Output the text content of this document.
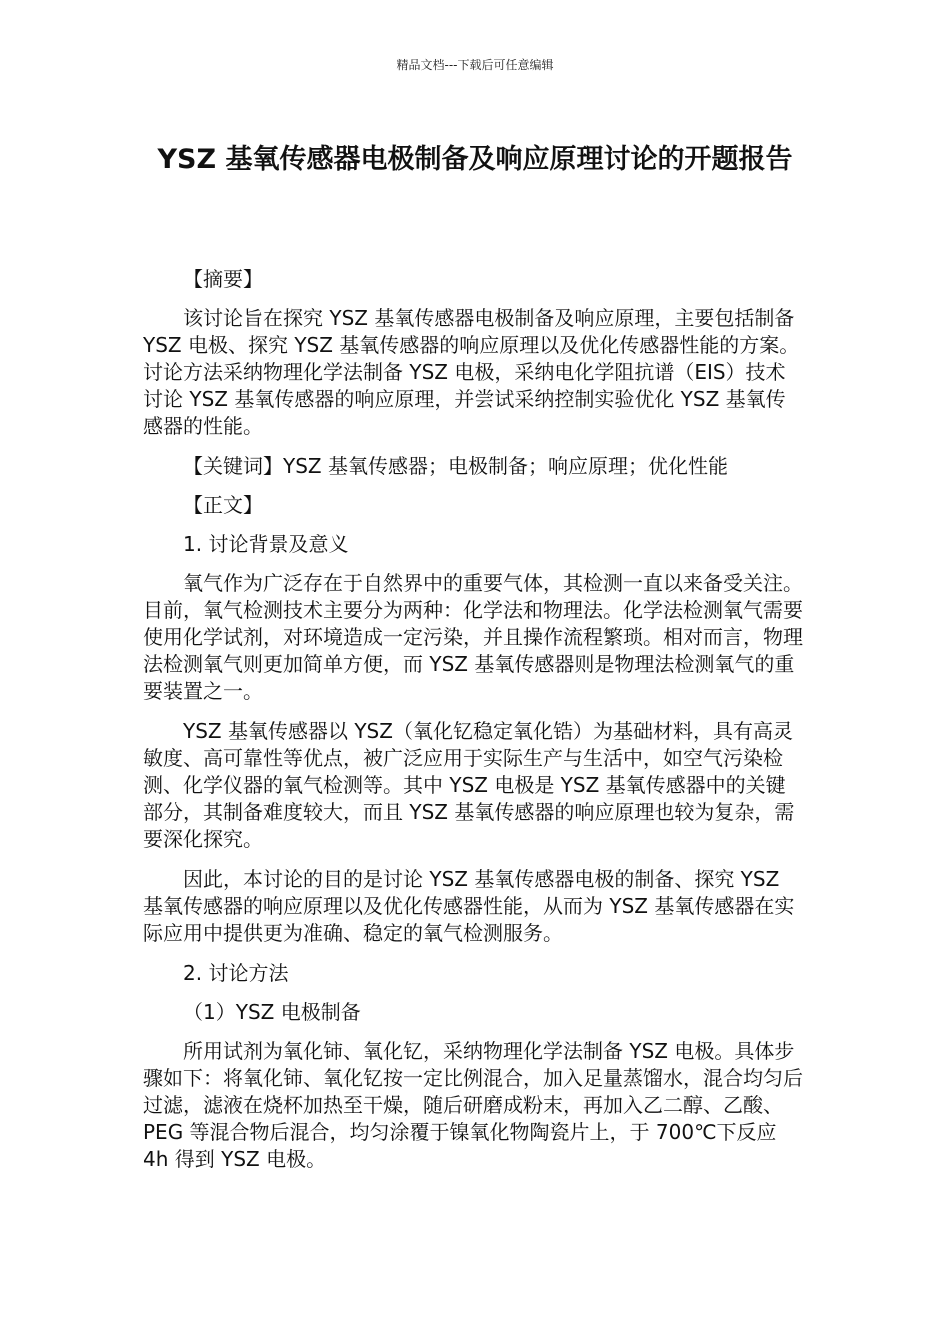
精品文档---下载后可任意编辑
YSZ 基氧传感器电极制备及响应原理讨论的开题报告

【摘要】

该讨论旨在探究 YSZ 基氧传感器电极制备及响应原理，主要包括制备 YSZ 电极、探究 YSZ 基氧传感器的响应原理以及优化传感器性能的方案。讨论方法采纳物理化学法制备 YSZ 电极，采纳电化学阻抗谱（EIS）技术讨论 YSZ 基氧传感器的响应原理，并尝试采纳控制实验优化 YSZ 基氧传感器的性能。

【关键词】YSZ 基氧传感器；电极制备；响应原理；优化性能

【正文】

1. 讨论背景及意义

氧气作为广泛存在于自然界中的重要气体，其检测一直以来备受关注。目前，氧气检测技术主要分为两种：化学法和物理法。化学法检测氧气需要使用化学试剂，对环境造成一定污染，并且操作流程繁琐。相对而言，物理法检测氧气则更加简单方便，而 YSZ 基氧传感器则是物理法检测氧气的重要装置之一。

YSZ 基氧传感器以 YSZ（氧化钇稳定氧化锆）为基础材料，具有高灵敏度、高可靠性等优点，被广泛应用于实际生产与生活中，如空气污染检测、化学仪器的氧气检测等。其中 YSZ 电极是 YSZ 基氧传感器中的关键部分，其制备难度较大，而且 YSZ 基氧传感器的响应原理也较为复杂，需要深化探究。

因此，本讨论的目的是讨论 YSZ 基氧传感器电极的制备、探究 YSZ 基氧传感器的响应原理以及优化传感器性能，从而为 YSZ 基氧传感器在实际应用中提供更为准确、稳定的氧气检测服务。

2. 讨论方法

（1）YSZ 电极制备

所用试剂为氧化铈、氧化钇，采纳物理化学法制备 YSZ 电极。具体步骤如下：将氧化铈、氧化钇按一定比例混合，加入足量蒸馏水，混合均匀后过滤，滤液在烧杯加热至干燥，随后研磨成粉末，再加入乙二醇、乙酸、PEG 等混合物后混合，均匀涂覆于镍氧化物陶瓷片上，于 700℃下反应 4h 得到 YSZ 电极。
